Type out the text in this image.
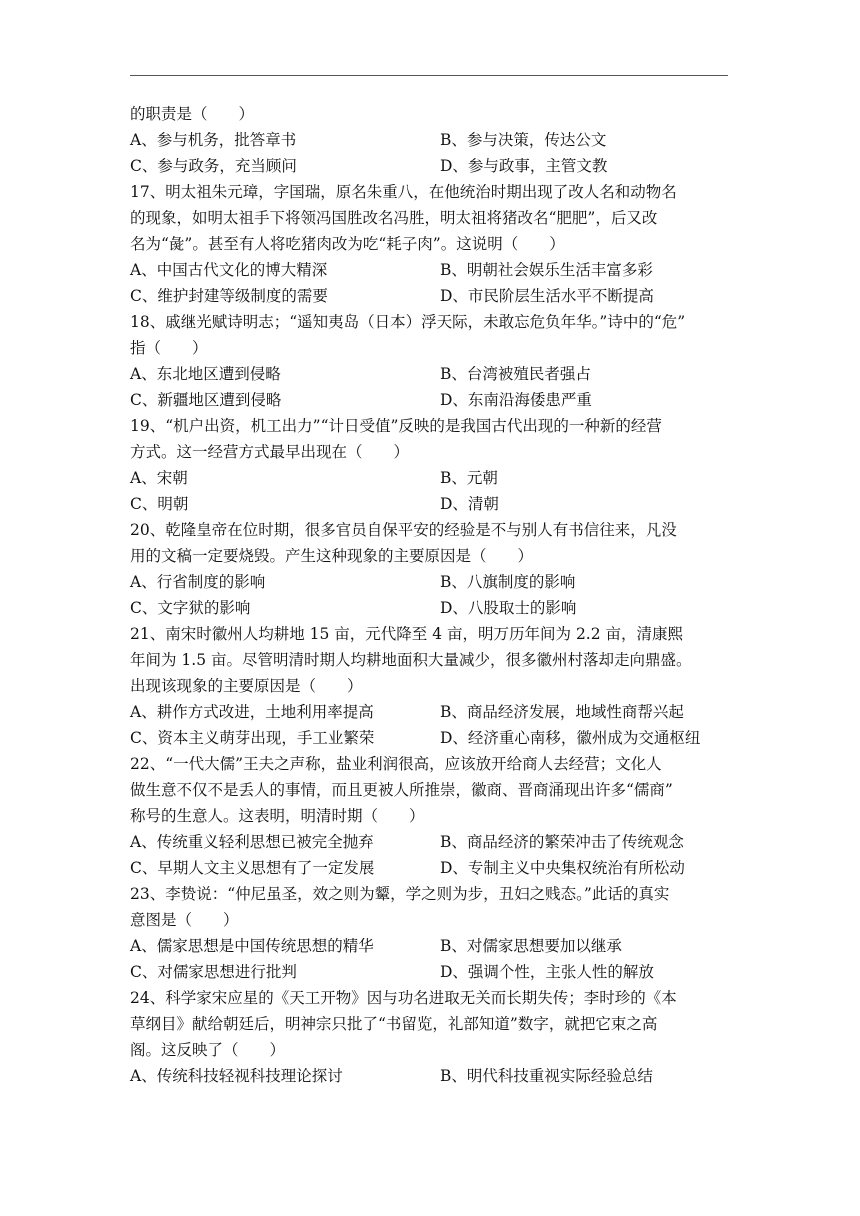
的职责是（　　）
A、参与机务，批答章书	B、参与决策，传达公文
C、参与政务，充当顾问	D、参与政事，主管文教
17、明太祖朱元璋，字国瑞，原名朱重八，在他统治时期出现了改人名和动物名
的现象，如明太祖手下将领冯国胜改名冯胜，明太祖将猪改名“肥肥”，后又改
名为“彘”。甚至有人将吃猪肉改为吃“耗子肉”。这说明（　　）
A、中国古代文化的博大精深	B、明朝社会娱乐生活丰富多彩
C、维护封建等级制度的需要	D、市民阶层生活水平不断提高
18、戚继光赋诗明志；“遥知夷岛（日本）浮天际，未敢忘危负年华。”诗中的“危”
指（　　）
A、东北地区遭到侵略	B、台湾被殖民者强占
C、新疆地区遭到侵略	D、东南沿海倭患严重
19、“机户出资，机工出力”“计日受值”反映的是我国古代出现的一种新的经营
方式。这一经营方式最早出现在（　　）
A、宋朝	B、元朝
C、明朝	D、清朝
20、乾隆皇帝在位时期，很多官员自保平安的经验是不与别人有书信往来，凡没
用的文稿一定要烧毁。产生这种现象的主要原因是（　　）
A、行省制度的影响	B、八旗制度的影响
C、文字狱的影响	D、八股取士的影响
21、南宋时徽州人均耕地 15 亩，元代降至 4 亩，明万历年间为 2.2 亩，清康熙
年间为 1.5 亩。尽管明清时期人均耕地面积大量减少，很多徽州村落却走向鼎盛。
出现该现象的主要原因是（　　）
A、耕作方式改进，土地利用率提高	B、商品经济发展，地域性商帮兴起
C、资本主义萌芽出现，手工业繁荣	D、经济重心南移，徽州成为交通枢纽
22、“一代大儒”王夫之声称，盐业利润很高，应该放开给商人去经营；文化人
做生意不仅不是丢人的事情，而且更被人所推崇，徽商、晋商涌现出许多“儒商”
称号的生意人。这表明，明清时期（　　）
A、传统重义轻利思想已被完全抛弃	B、商品经济的繁荣冲击了传统观念
C、早期人文主义思想有了一定发展	D、专制主义中央集权统治有所松动
23、李贽说：“仲尼虽圣，效之则为颦，学之则为步，丑妇之贱态。”此话的真实
意图是（　　）
A、儒家思想是中国传统思想的精华	B、对儒家思想要加以继承
C、对儒家思想进行批判	D、强调个性，主张人性的解放
24、科学家宋应星的《天工开物》因与功名进取无关而长期失传；李时珍的《本
草纲目》献给朝廷后，明神宗只批了“书留览，礼部知道”数字，就把它束之高
阁。这反映了（　　）
A、传统科技轻视科技理论探讨	B、明代科技重视实际经验总结
